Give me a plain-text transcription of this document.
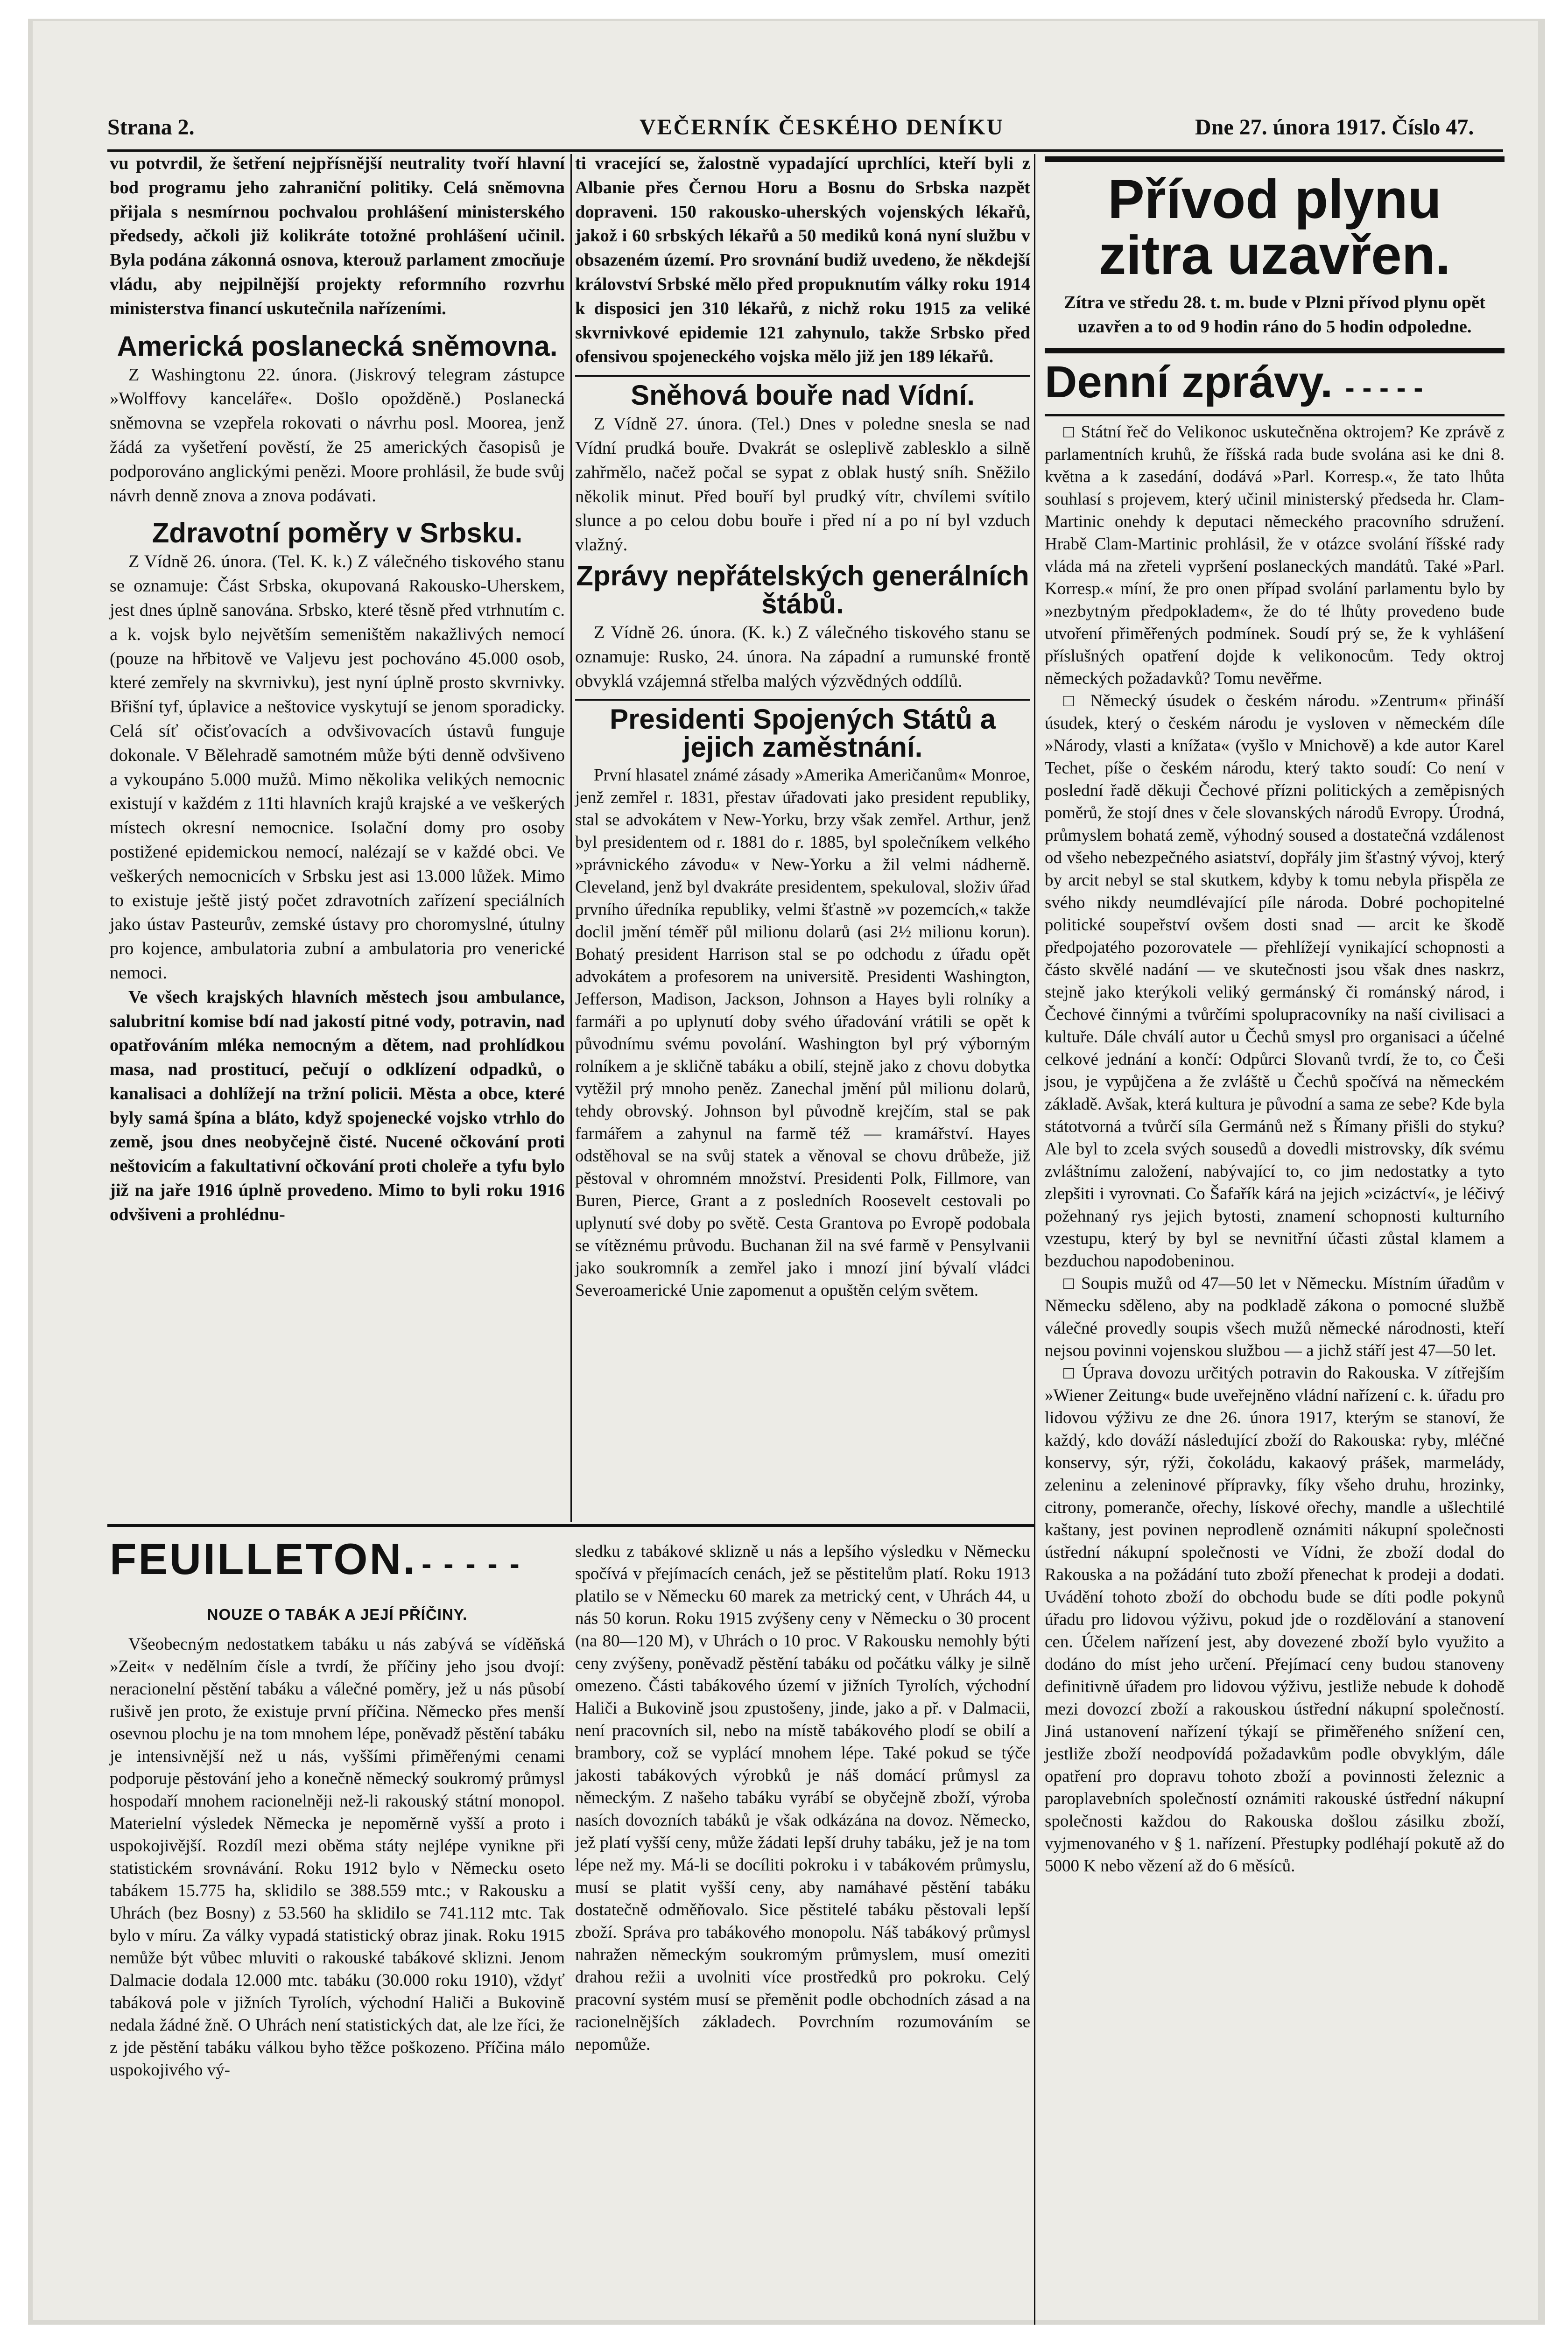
Strana 2.	VEČERNÍK ČESKÉHO DENÍKU	Dne 27. února 1917. Číslo 47.

vu potvrdil, že šetření nejpřísnější neutrality tvoří hlavní bod programu jeho zahraniční politiky. Celá sněmovna přijala s nesmírnou pochvalou prohlášení ministerského předsedy, ačkoli již kolikráte totožné prohlášení učinil. Byla podána zákonná osnova, kterouž parlament zmocňuje vládu, aby nejpilnější projekty reformního rozvrhu ministerstva financí uskutečnila nařízeními.

Americká poslanecká sněmovna.

Z Washingtonu 22. února. (Jiskrový telegram zástupce »Wolffovy kanceláře«. Došlo opožděně.) Poslanecká sněmovna se vzepřela rokovati o návrhu posl. Moorea, jenž žádá za vyšetření pověstí, že 25 amerických časopisů je podporováno anglickými penězi. Moore prohlásil, že bude svůj návrh denně znova a znova podávati.

Zdravotní poměry v Srbsku.

Z Vídně 26. února. (Tel. K. k.) Z válečného tiskového stanu se oznamuje: Část Srbska, okupovaná Rakousko-Uherskem, jest dnes úplně sanována. Srbsko, které těsně před vtrhnutím c. a k. vojsk bylo největším semeništěm nakažlivých nemocí (pouze na hřbitově ve Valjevu jest pochováno 45.000 osob, které zemřely na skvrnivku), jest nyní úplně prosto skvrnivky. Břišní tyf, úplavice a neštovice vyskytují se jenom sporadicky. Celá síť očisťovacích a odvšivovacích ústavů funguje dokonale. V Bělehradě samotném může býti denně odvšiveno a vykoupáno 5.000 mužů. Mimo několika velikých nemocnic existují v každém z 11ti hlavních krajů krajské a ve veškerých místech okresní nemocnice. Isolační domy pro osoby postižené epidemickou nemocí, nalézají se v každé obci. Ve veškerých nemocnicích v Srbsku jest asi 13.000 lůžek. Mimo to existuje ještě jistý počet zdravotních zařízení speciálních jako ústav Pasteurův, zemské ústavy pro choromyslné, útulny pro kojence, ambulatoria zubní a ambulatoria pro venerické nemoci.

Ve všech krajských hlavních městech jsou ambulance, salubritní komise bdí nad jakostí pitné vody, potravin, nad opatřováním mléka nemocným a dětem, nad prohlídkou masa, nad prostitucí, pečují o odklízení odpadků, o kanalisaci a dohlížejí na tržní policii. Města a obce, které byly samá špína a bláto, když spojenecké vojsko vtrhlo do země, jsou dnes neobyčejně čisté. Nucené očkování proti neštovicím a fakultativní očkování proti choleře a tyfu bylo již na jaře 1916 úplně provedeno. Mimo to byli roku 1916 odvšiveni a prohlédnu-

ti vracející se, žalostně vypadající uprchlíci, kteří byli z Albanie přes Černou Horu a Bosnu do Srbska nazpět dopraveni. 150 rakousko-uherských vojenských lékařů, jakož i 60 srbských lékařů a 50 mediků koná nyní službu v obsazeném území. Pro srovnání budiž uvedeno, že někdejší království Srbské mělo před propuknutím války roku 1914 k disposici jen 310 lékařů, z nichž roku 1915 za veliké skvrnivkové epidemie 121 zahynulo, takže Srbsko před ofensivou spojeneckého vojska mělo již jen 189 lékařů.

Sněhová bouře nad Vídní.

Z Vídně 27. února. (Tel.) Dnes v poledne snesla se nad Vídní prudká bouře. Dvakrát se osleplivě zablesklo a silně zahřmělo, načež počal se sypat z oblak hustý sníh. Sněžilo několik minut. Před bouří byl prudký vítr, chvílemi svítilo slunce a po celou dobu bouře i před ní a po ní byl vzduch vlažný.

Zprávy nepřátelských generálních štábů.

Z Vídně 26. února. (K. k.) Z válečného tiskového stanu se oznamuje: Rusko, 24. února. Na západní a rumunské frontě obvyklá vzájemná střelba malých výzvědných oddílů.

Presidenti Spojených Států a jejich zaměstnání.

První hlasatel známé zásady »Amerika Američanům« Monroe, jenž zemřel r. 1831, přestav úřadovati jako president republiky, stal se advokátem v New-Yorku, brzy však zemřel. Arthur, jenž byl presidentem od r. 1881 do r. 1885, byl společníkem velkého »právnického závodu« v New-Yorku a žil velmi nádherně. Cleveland, jenž byl dvakráte presidentem, spekuloval, složiv úřad prvního úředníka republiky, velmi šťastně »v pozemcích,« takže doclil jmění téměř půl milionu dolarů (asi 2½ milionu korun). Bohatý president Harrison stal se po odchodu z úřadu opět advokátem a profesorem na universitě. Presidenti Washington, Jefferson, Madison, Jackson, Johnson a Hayes byli rolníky a farmáři a po uplynutí doby svého úřadování vrátili se opět k původnímu svému povolání. Washington byl prý výborným rolníkem a je skličně tabáku a obilí, stejně jako z chovu dobytka vytěžil prý mnoho peněz. Zanechal jmění půl milionu dolarů, tehdy obrovský. Johnson byl původně krejčím, stal se pak farmářem a zahynul na farmě též — kramářství. Hayes odstěhoval se na svůj statek a věnoval se chovu drůbeže, již pěstoval v ohromném množství. Presidenti Polk, Fillmore, van Buren, Pierce, Grant a z posledních Roosevelt cestovali po uplynutí své doby po světě. Cesta Grantova po Evropě podobala se vítěznému průvodu. Buchanan žil na své farmě v Pensylvanii jako soukromník a zemřel jako i mnozí jiní bývalí vládci Severoamerické Unie zapomenut a opuštěn celým světem.

Přívod plynu zitra uzavřen.

Zítra ve středu 28. t. m. bude v Plzni přívod plynu opět uzavřen a to od 9 hodin ráno do 5 hodin odpoledne.

Denní zprávy. - - - - -

□ Státní řeč do Velikonoc uskutečněna oktrojem? Ke zprávě z parlamentních kruhů, že říšská rada bude svolána asi ke dni 8. května a k zasedání, dodává »Parl. Korresp.«, že tato lhůta souhlasí s projevem, který učinil ministerský předseda hr. Clam-Martinic onehdy k deputaci německého pracovního sdružení. Hrabě Clam-Martinic prohlásil, že v otázce svolání říšské rady vláda má na zřeteli vypršení poslaneckých mandátů. Také »Parl. Korresp.« míní, že pro onen případ svolání parlamentu bylo by »nezbytným předpokladem«, že do té lhůty provedeno bude utvoření přiměřených podmínek. Soudí prý se, že k vyhlášení příslušných opatření dojde k velikonocům. Tedy oktroj německých požadavků? Tomu nevěřme.

□ Německý úsudek o českém národu. »Zentrum« přináší úsudek, který o českém národu je vysloven v německém díle »Národy, vlasti a knížata« (vyšlo v Mnichově) a kde autor Karel Techet, píše o českém národu, který takto soudí: Co není v poslední řadě děkuji Čechové přízni politických a zeměpisných poměrů, že stojí dnes v čele slovanských národů Evropy. Úrodná, průmyslem bohatá země, výhodný soused a dostatečná vzdálenost od všeho nebezpečného asiatství, dopřály jim šťastný vývoj, který by arcit nebyl se stal skutkem, kdyby k tomu nebyla přispěla ze svého nikdy neumdlévající píle národa. Dobré pochopitelné politické soupeřství ovšem dosti snad — arcit ke škodě předpojatého pozorovatele — přehlížejí vynikající schopnosti a částo skvělé nadání — ve skutečnosti jsou však dnes naskrz, stejně jako kterýkoli veliký germánský či románský národ, i Čechové činnými a tvůrčími spolupracovníky na naší civilisaci a kultuře. Dále chválí autor u Čechů smysl pro organisaci a účelné celkové jednání a končí: Odpůrci Slovanů tvrdí, že to, co Češi jsou, je vypůjčena a že zvláště u Čechů spočívá na německém základě. Avšak, která kultura je původní a sama ze sebe? Kde byla státotvorná a tvůrčí síla Germánů než s Římany přišli do styku? Ale byl to zcela svých sousedů a dovedli mistrovsky, dík svému zvláštnímu založení, nabývající to, co jim nedostatky a tyto zlepšiti i vyrovnati. Co Šafařík kárá na jejich »cizáctví«, je léčivý požehnaný rys jejich bytosti, znamení schopnosti kulturního vzestupu, který by byl se nevnitřní účasti zůstal klamem a bezduchou napodobeninou.

□ Soupis mužů od 47—50 let v Německu. Místním úřadům v Německu sděleno, aby na podkladě zákona o pomocné službě válečné provedly soupis všech mužů německé národnosti, kteří nejsou povinni vojenskou službou — a jichž stáří jest 47—50 let.

□ Úprava dovozu určitých potravin do Rakouska. V zítřejším »Wiener Zeitung« bude uveřejněno vládní nařízení c. k. úřadu pro lidovou výživu ze dne 26. února 1917, kterým se stanoví, že každý, kdo dováží následující zboží do Rakouska: ryby, mléčné konservy, sýr, rýži, čokoládu, kakaový prášek, marmelády, zeleninu a zeleninové přípravky, fíky všeho druhu, hrozinky, citrony, pomeranče, ořechy, lískové ořechy, mandle a ušlechtilé kaštany, jest povinen neprodleně oznámiti nákupní společnosti ústřední nákupní společnosti ve Vídni, že zboží dodal do Rakouska a na požádání tuto zboží přenechat k prodeji a dodati. Uvádění tohoto zboží do obchodu bude se díti podle pokynů úřadu pro lidovou výživu, pokud jde o rozdělování a stanovení cen. Účelem nařízení jest, aby dovezené zboží bylo využito a dodáno do míst jeho určení. Přejímací ceny budou stanoveny definitivně úřadem pro lidovou výživu, jestliže nebude k dohodě mezi dovozcí zboží a rakouskou ústřední nákupní společností. Jiná ustanovení nařízení týkají se přiměřeného snížení cen, jestliže zboží neodpovídá požadavkům podle obvyklým, dále opatření pro dopravu tohoto zboží a povinnosti železnic a paroplavebních společností oznámiti rakouské ústřední nákupní společnosti každou do Rakouska došlou zásilku zboží, vyjmenovaného v § 1. nařízení. Přestupky podléhají pokutě až do 5000 K nebo vězení až do 6 měsíců.

FEUILLETON. - - - - -
NOUZE O TABÁK A JEJÍ PŘÍČINY.

Všeobecným nedostatkem tabáku u nás zabývá se víděňská »Zeit« v nedělním čísle a tvrdí, že příčiny jeho jsou dvojí: neracionelní pěstění tabáku a válečné poměry, jež u nás působí rušivě jen proto, že existuje první příčina. Německo přes menší osevnou plochu je na tom mnohem lépe, poněvadž pěstění tabáku je intensivnější než u nás, vyššími přiměřenými cenami podporuje pěstování jeho a konečně německý soukromý průmysl hospodaří mnohem racionelněji než-li rakouský státní monopol. Materielní výsledek Německa je nepoměrně vyšší a proto i uspokojivější. Rozdíl mezi oběma státy nejlépe vynikne při statistickém srovnávání. Roku 1912 bylo v Německu oseto tabákem 15.775 ha, sklidilo se 388.559 mtc.; v Rakousku a Uhrách (bez Bosny) z 53.560 ha sklidilo se 741.112 mtc. Tak bylo v míru. Za války vypadá statistický obraz jinak. Roku 1915 nemůže být vůbec mluviti o rakouské tabákové sklizni. Jenom Dalmacie dodala 12.000 mtc. tabáku (30.000 roku 1910), vždyť tabáková pole v jižních Tyrolích, východní Haliči a Bukovině nedala žádné žně. O Uhrách není statistických dat, ale lze říci, že z jde pěstění tabáku válkou byho těžce poškozeno. Příčina málo uspokojivého vý-

sledku z tabákové sklizně u nás a lepšího výsledku v Německu spočívá v přejímacích cenách, jež se pěstitelům platí. Roku 1913 platilo se v Německu 60 marek za metrický cent, v Uhrách 44, u nás 50 korun. Roku 1915 zvýšeny ceny v Německu o 30 procent (na 80—120 M), v Uhrách o 10 proc. V Rakousku nemohly býti ceny zvýšeny, poněvadž pěstění tabáku od počátku války je silně omezeno. Části tabákového území v jižních Tyrolích, východní Haliči a Bukovině jsou zpustošeny, jinde, jako a př. v Dalmacii, není pracovních sil, nebo na místě tabákového plodí se obilí a brambory, což se vyplácí mnohem lépe. Také pokud se týče jakosti tabákových výrobků je náš domácí průmysl za německým. Z našeho tabáku vyrábí se obyčejně zboží, výroba nasích dovozních tabáků je však odkázána na dovoz. Německo, jež platí vyšší ceny, může žádati lepší druhy tabáku, jež je na tom lépe než my. Má-li se docíliti pokroku i v tabákovém průmyslu, musí se platit vyšší ceny, aby namáhavé pěstění tabáku dostatečně odměňovalo. Sice pěstitelé tabáku pěstovali lepší zboží. Správa pro tabákového monopolu. Náš tabákový průmysl nahražen německým soukromým průmyslem, musí omeziti drahou režii a uvolniti více prostředků pro pokroku. Celý pracovní systém musí se přeměnit podle obchodních zásad a na racionelnějších základech. Povrchním rozumováním se nepomůže.
